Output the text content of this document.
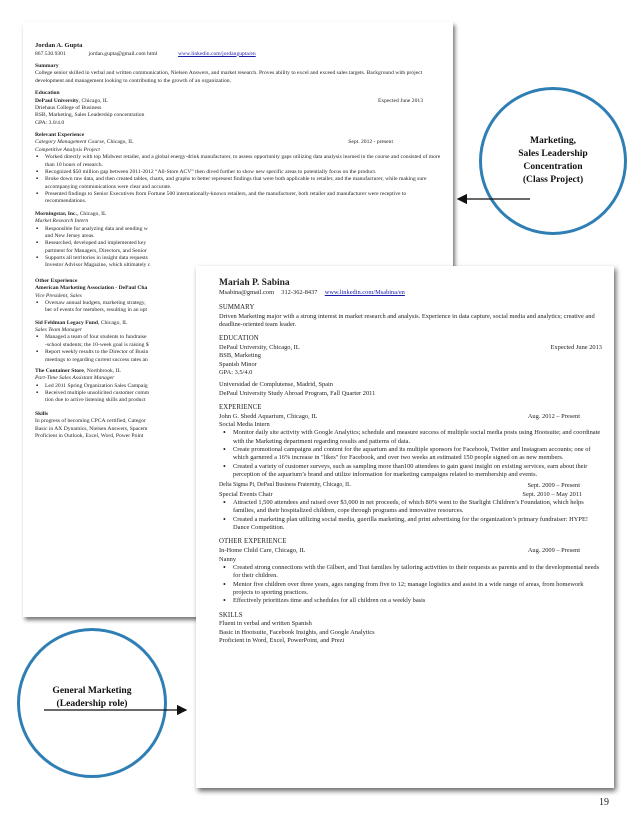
Jordan A. Gupta
867.530.9301	jordan.gupta@gmail.com html	www.linkedin.com/jordangupta/en
Summary
College senior skilled in verbal and written communication, Nielsen Answers, and market research. Proves ability to excel and exceed sales targets. Background with project development and management looking to contributing to the growth of an organization.
Education
DePaul University, Chicago, IL	Expected June 2013
Driehaus College of Business
BSB, Marketing, Sales Leadership concentration
GPA: 3.0/4.0
Relevant Experience
Category Management Course, Chicago, IL	Sept. 2012 - present
Competitive Analysis Project
▪ Worked directly with top Midwest retailer, and a global energy-drink manufacturer, to assess opportunity gaps utilizing data analysis learned in the course and consisted of more than 10 hours of research.
▪ Recognized $50 million gap between 2011-2012 “All-Store ACV” then dived further to show new specific areas to potentially focus on the product.
▪ Broke down raw data, and then created tables, charts, and graphs to better represent findings that were both applicable to retailer, and the manufacturer, while making sure accompanying communications were clear and accurate.
▪ Presented findings to Senior Executives from Fortune 500 internationally-known retailers, and the manufacturer, both retailer and manufacturer were receptive to recommendations.
Morningstar, Inc., Chicago, IL
Market Research Intern
▪ Responsible for analyzing data and sending w
and New Jersey areas.
▪ Researched, developed and implemented key
partment for Managers, Directors, and Senior
▪ Supports all territories in insight data requests
Investor Advisor Magazine, which ultimately c
Other Experience
American Marketing Association - DePaul Cha
Vice President, Sales
▪ Oversaw annual budgets, marketing strategy,
ber of events for members, resulting in an upt
Sid Feldman Legacy Fund, Chicago, IL
Sales Team Manager
▪ Managed a team of four students to fundraise
-school students; the 10-week goal is raising $
▪ Report weekly results to the Director of Busin
meetings to regarding current success rates an
The Container Store, Northbrook, IL
Part-Time Sales Assistant Manager
▪ Led 2011 Spring Organization Sales Campaig
▪ Received multiple unsolicited customer comm
tion due to active listening skills and product
Skills
In progress of becoming CPCA certified, Categor
Basic in AX Dynamics, Nielsen Answers, Spacem
Proficient in Outlook, Excel, Word, Power Point
Mariah P. Sabina
Msabina@gmail.com 312-362-8437 www.linkedin.com/Msabina/en
SUMMARY
Driven Marketing major with a strong interest in market research and analysis. Experience in data capture, social media and analytics; creative and deadline-oriented team leader.
EDUCATION
DePaul University, Chicago, IL	Expected June 2013
BSB, Marketing
Spanish Minor
GPA: 3.5/4.0
Universidad de Complutense, Madrid, Spain
DePaul University Study Abroad Program, Fall Quarter 2011
EXPERIENCE
John G. Shedd Aquarium, Chicago, IL	Aug. 2012 – Present
Social Media Intern
• Monitor daily site activity with Google Analytics; schedule and measure success of multiple social media posts using Hootsuite; and coordinate with the Marketing department regarding results and patterns of data.
• Create promotional campaigns and content for the aquarium and its multiple sponsors for Facebook, Twitter and Instagram accounts; one of which garnered a 16% increase in "likes" for Facebook, and over two weeks an estimated 150 people signed on as new members.
• Created a variety of customer surveys, such as sampling more than100 attendees to gain guest insight on existing services, earn about their perception of the aquarium’s brand and utilize information for marketing campaigns related to membership and events.
Delta Sigma Pi, DePaul Business Fraternity, Chicago, IL	Sept. 2009 – Present
Special Events Chair	Sept. 2010 – May 2011
• Attracted 1,500 attendees and raised over $3,000 in net proceeds, of which 80% went to the Starlight Children’s Foundation, which helps families, and their hospitalized children, cope through programs and innovative resources.
• Created a marketing plan utilizing social media, guerilla marketing, and print advertising for the organization’s primary fundraiser: HYPE! Dance Competition.
OTHER EXPERIENCE
In-Home Child Care, Chicago, IL	Aug. 2009 – Present
Nanny
• Created strong connections with the Gilbert, and Tsui families by tailoring activities to their requests as parents and to the developmental needs for their children.
• Mentor five children over three years, ages ranging from five to 12; manage logistics and assist in a wide range of areas, from homework projects to sporting practices.
• Effectively prioritizes time and schedules for all children on a weekly basis
SKILLS
Fluent in verbal and written Spanish
Basic in Hootsuite, Facebook Insights, and Google Analytics
Proficient in Word, Excel, PowerPoint, and Prezi
Marketing,
Sales Leadership
Concentration
(Class Project)
General Marketing
(Leadership role)
19
